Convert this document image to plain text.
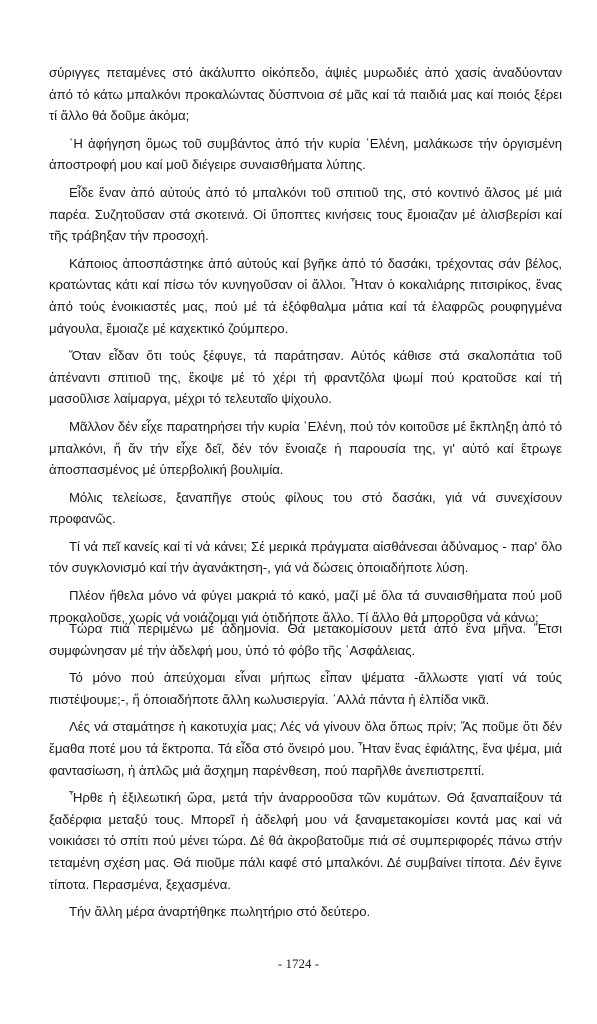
σύριγγες πεταμένες στό ἀκάλυπτο οἰκόπεδο, ἀψιές μυρωδιές ἀπό χασίς ἀναδύονταν ἀπό τό κάτω μπαλκόνι προκαλώντας δύσπνοια σέ μᾶς καί τά παιδιά μας καί ποιός ξέρει τί ἄλλο θά δοῦμε ἀκόμα;

῾Η ἀφήγηση ὅμως τοῦ συμβάντος ἀπό τήν κυρία ῾Ελένη, μαλάκωσε τήν ὀργισμένη ἀποστροφή μου καί μοῦ διέγειρε συναισθήματα λύπης.

Εἶδε ἕναν ἀπό αὐτούς ἀπό τό μπαλκόνι τοῦ σπιτιοῦ της, στό κοντινό ἄλσος μέ μιά παρέα. Συζητοῦσαν στά σκοτεινά. Οἱ ὕποπτες κινήσεις τους ἔμοιαζαν μέ ἀλισβερίσι καί τῆς τράβηξαν τήν προσοχή.

Κάποιος ἀποσπάστηκε ἀπό αὐτούς καί βγῆκε ἀπό τό δασάκι, τρέχοντας σάν βέλος, κρατώντας κάτι καί πίσω τόν κυνηγοῦσαν οἱ ἄλλοι. Ἦταν ὁ κοκαλιάρης πιτσιρίκος, ἕνας ἀπό τούς ἐνοικιαστές μας, πού μέ τά ἐξόφθαλμα μάτια καί τά ἐλαφρῶς ρουφηγμένα μάγουλα, ἔμοιαζε μέ καχεκτικό ζούμπερο.

Ὅταν εἶδαν ὅτι τούς ξέφυγε, τά παράτησαν. Αὐτός κάθισε στά σκαλοπάτια τοῦ ἀπέναντι σπιτιοῦ της, ἔκοψε μέ τό χέρι τή φραντζόλα ψωμί πού κρατοῦσε καί τή μασοῦλισε λαίμαργα, μέχρι τό τελευταῖο ψίχουλο.

Μᾶλλον δέν εἶχε παρατηρήσει τήν κυρία ῾Ελένη, πού τόν κοιτοῦσε μέ ἔκπληξη ἀπό τό μπαλκόνι, ἤ ἄν τήν εἶχε δεῖ, δέν τόν ἔνοιαζε ἡ παρουσία της, γι' αὐτό καί ἔτρωγε ἀποσπασμένος μέ ὑπερβολική βουλιμία.

Μόλις τελείωσε, ξαναπῆγε στούς φίλους του στό δασάκι, γιά νά συνεχίσουν προφανῶς.

Τί νά πεῖ κανείς καί τί νά κάνει; Σέ μερικά πράγματα αἰσθάνεσαι ἀδύναμος - παρ' ὅλο τόν συγκλονισμό καί τήν ἀγανάκτηση-, γιά νά δώσεις ὁποιαδήποτε λύση.

Πλέον ἤθελα μόνο νά φύγει μακριά τό κακό, μαζί μέ ὅλα τά συναισθήματα πού μοῦ προκαλοῦσε, χωρίς νά νοιάζομαι γιά ὁτιδήποτε ἄλλο. Τί ἄλλο θά μποροῦσα νά κάνω;

Τώρα πιά περιμένω μέ ἀδημονία. Θά μετακομίσουν μετά ἀπό ἕνα μῆνα. Ἔτσι συμφώνησαν μέ τήν ἀδελφή μου, ὑπό τό φόβο τῆς ᾿Ασφάλειας.

Τό μόνο πού ἀπεύχομαι εἶναι μήπως εἶπαν ψέματα -ἄλλωστε γιατί νά τούς πιστέψουμε;-, ἤ ὁποιαδήποτε ἄλλη κωλυσιεργία. ᾿Αλλά πάντα ἡ ἐλπίδα νικᾶ.

Λές νά σταμάτησε ἡ κακοτυχία μας; Λές νά γίνουν ὅλα ὅπως πρίν; Ἄς ποῦμε ὅτι δέν ἔμαθα ποτέ μου τά ἔκτροπα. Τά εἶδα στό ὄνειρό μου. Ἦταν ἕνας ἐφιάλτης, ἕνα ψέμα, μιά φαντασίωση, ἡ ἁπλῶς μιά ἄσχημη παρένθεση, πού παρῆλθε ἀνεπιστρεπτί.

Ἦρθε ἡ ἐξιλεωτική ὥρα, μετά τήν ἀναρροοῦσα τῶν κυμάτων. Θά ξαναπαίξουν τά ξαδέρφια μεταξύ τους. Μπορεῖ ἡ ἀδελφή μου νά ξαναμετακομίσει κοντά μας καί νά νοικιάσει τό σπίτι πού μένει τώρα. Δέ θά ἀκροβατοῦμε πιά σέ συμπεριφορές πάνω στήν τεταμένη σχέση μας. Θά πιοῦμε πάλι καφέ στό μπαλκόνι. Δέ συμβαίνει τίποτα. Δέν ἔγινε τίποτα. Περασμένα, ξεχασμένα.

Τήν ἄλλη μέρα ἀναρτήθηκε πωλητήριο στό δεύτερο.

- 1724 -
